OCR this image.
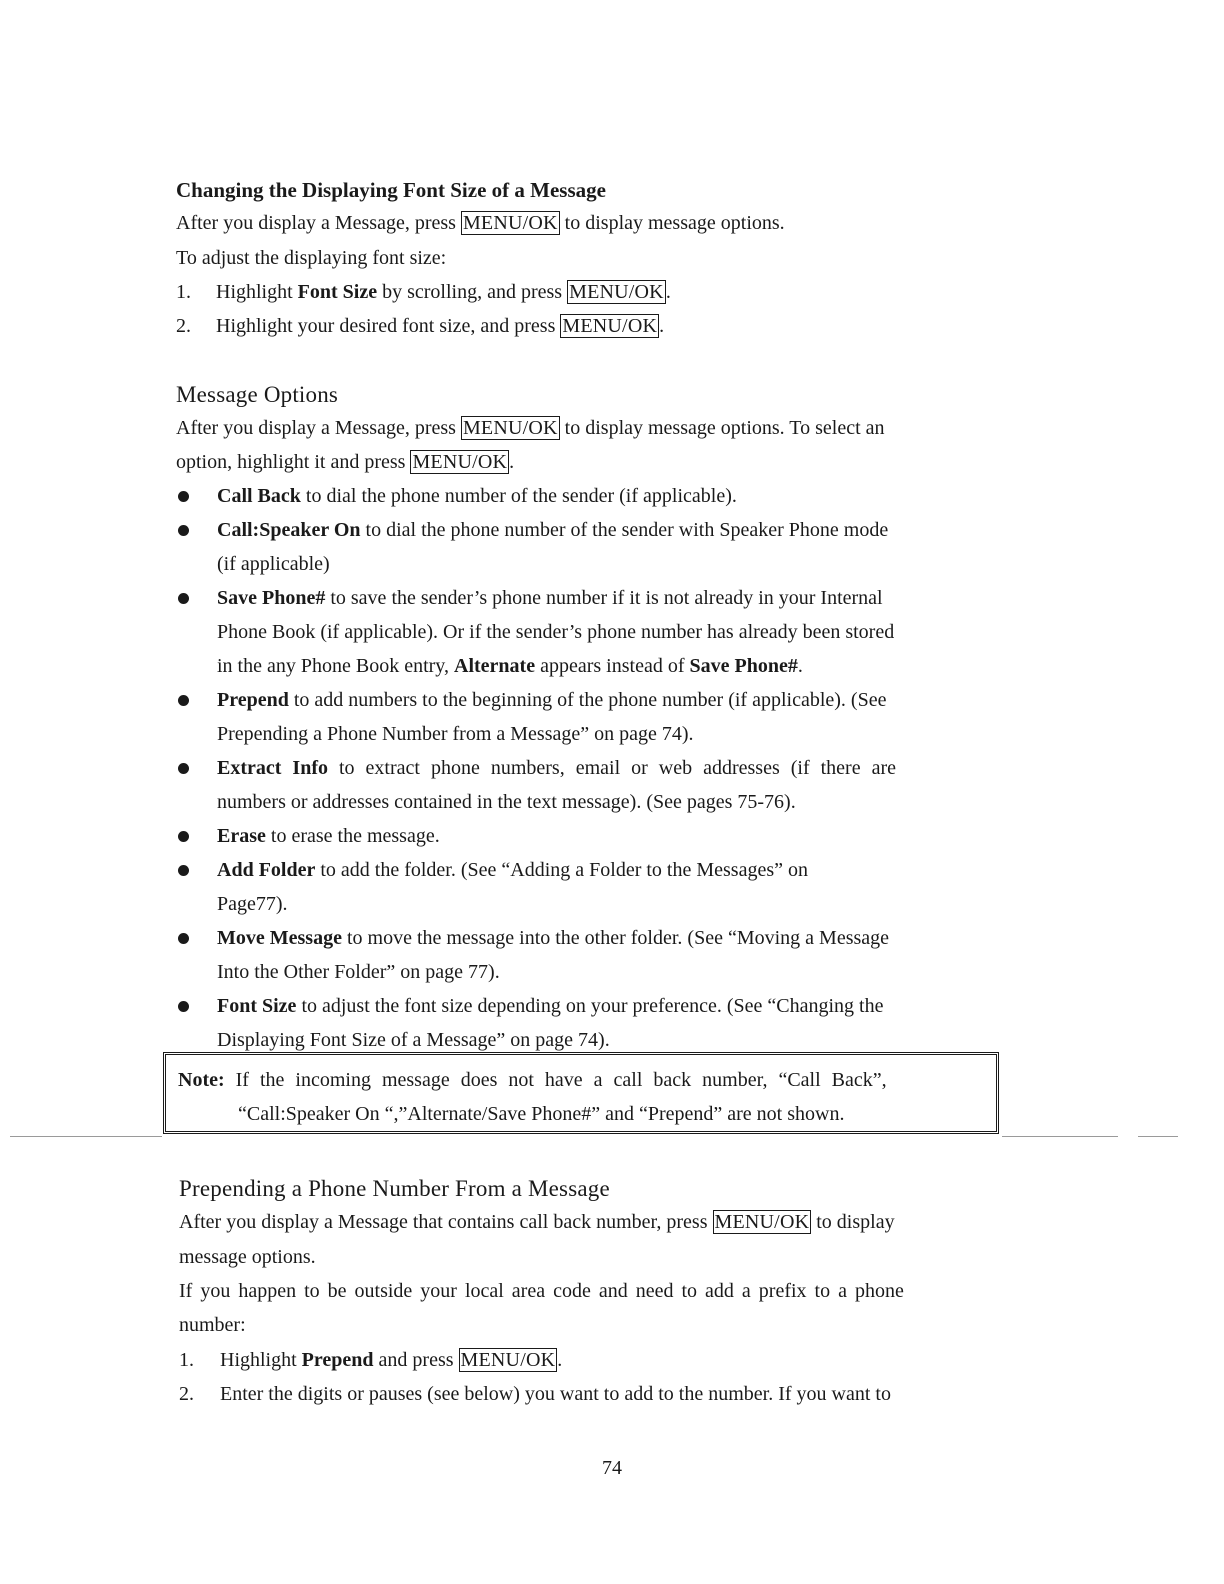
Changing the Displaying Font Size of a Message
After you display a Message, press MENU/OK to display message options.
To adjust the displaying font size:
1. Highlight Font Size by scrolling, and press MENU/OK .
2. Highlight your desired font size, and press MENU/OK .
Message Options
After you display a Message, press MENU/OK to display message options. To select an
option, highlight it and press MENU/OK .
Call Back to dial the phone number of the sender (if applicable).
Call:Speaker On to dial the phone number of the sender with Speaker Phone mode
(if applicable)
Save Phone# to save the sender’s phone number if it is not already in your Internal
Phone Book (if applicable). Or if the sender’s phone number has already been stored
in the any Phone Book entry, Alternate appears instead of Save Phone#.
Prepend to add numbers to the beginning of the phone number (if applicable). (See
Prepending a Phone Number from a Message” on page 74).
Extract Info to extract phone numbers, email or web addresses (if there are
numbers or addresses contained in the text message). (See pages 75-76).
Erase to erase the message.
Add Folder to add the folder. (See “Adding a Folder to the Messages” on
Page77).
Move Message to move the message into the other folder. (See “Moving a Message
Into the Other Folder” on page 77).
Font Size to adjust the font size depending on your preference. (See “Changing the
Displaying Font Size of a Message” on page 74).
Note: If the incoming message does not have a call back number, “Call Back”,
“Call:Speaker On “,”Alternate/Save Phone#” and “Prepend” are not shown.
Prepending a Phone Number From a Message
After you display a Message that contains call back number, press MENU/OK to display
message options.
If you happen to be outside your local area code and need to add a prefix to a phone
number:
1. Highlight Prepend and press MENU/OK .
2. Enter the digits or pauses (see below) you want to add to the number. If you want to
74
